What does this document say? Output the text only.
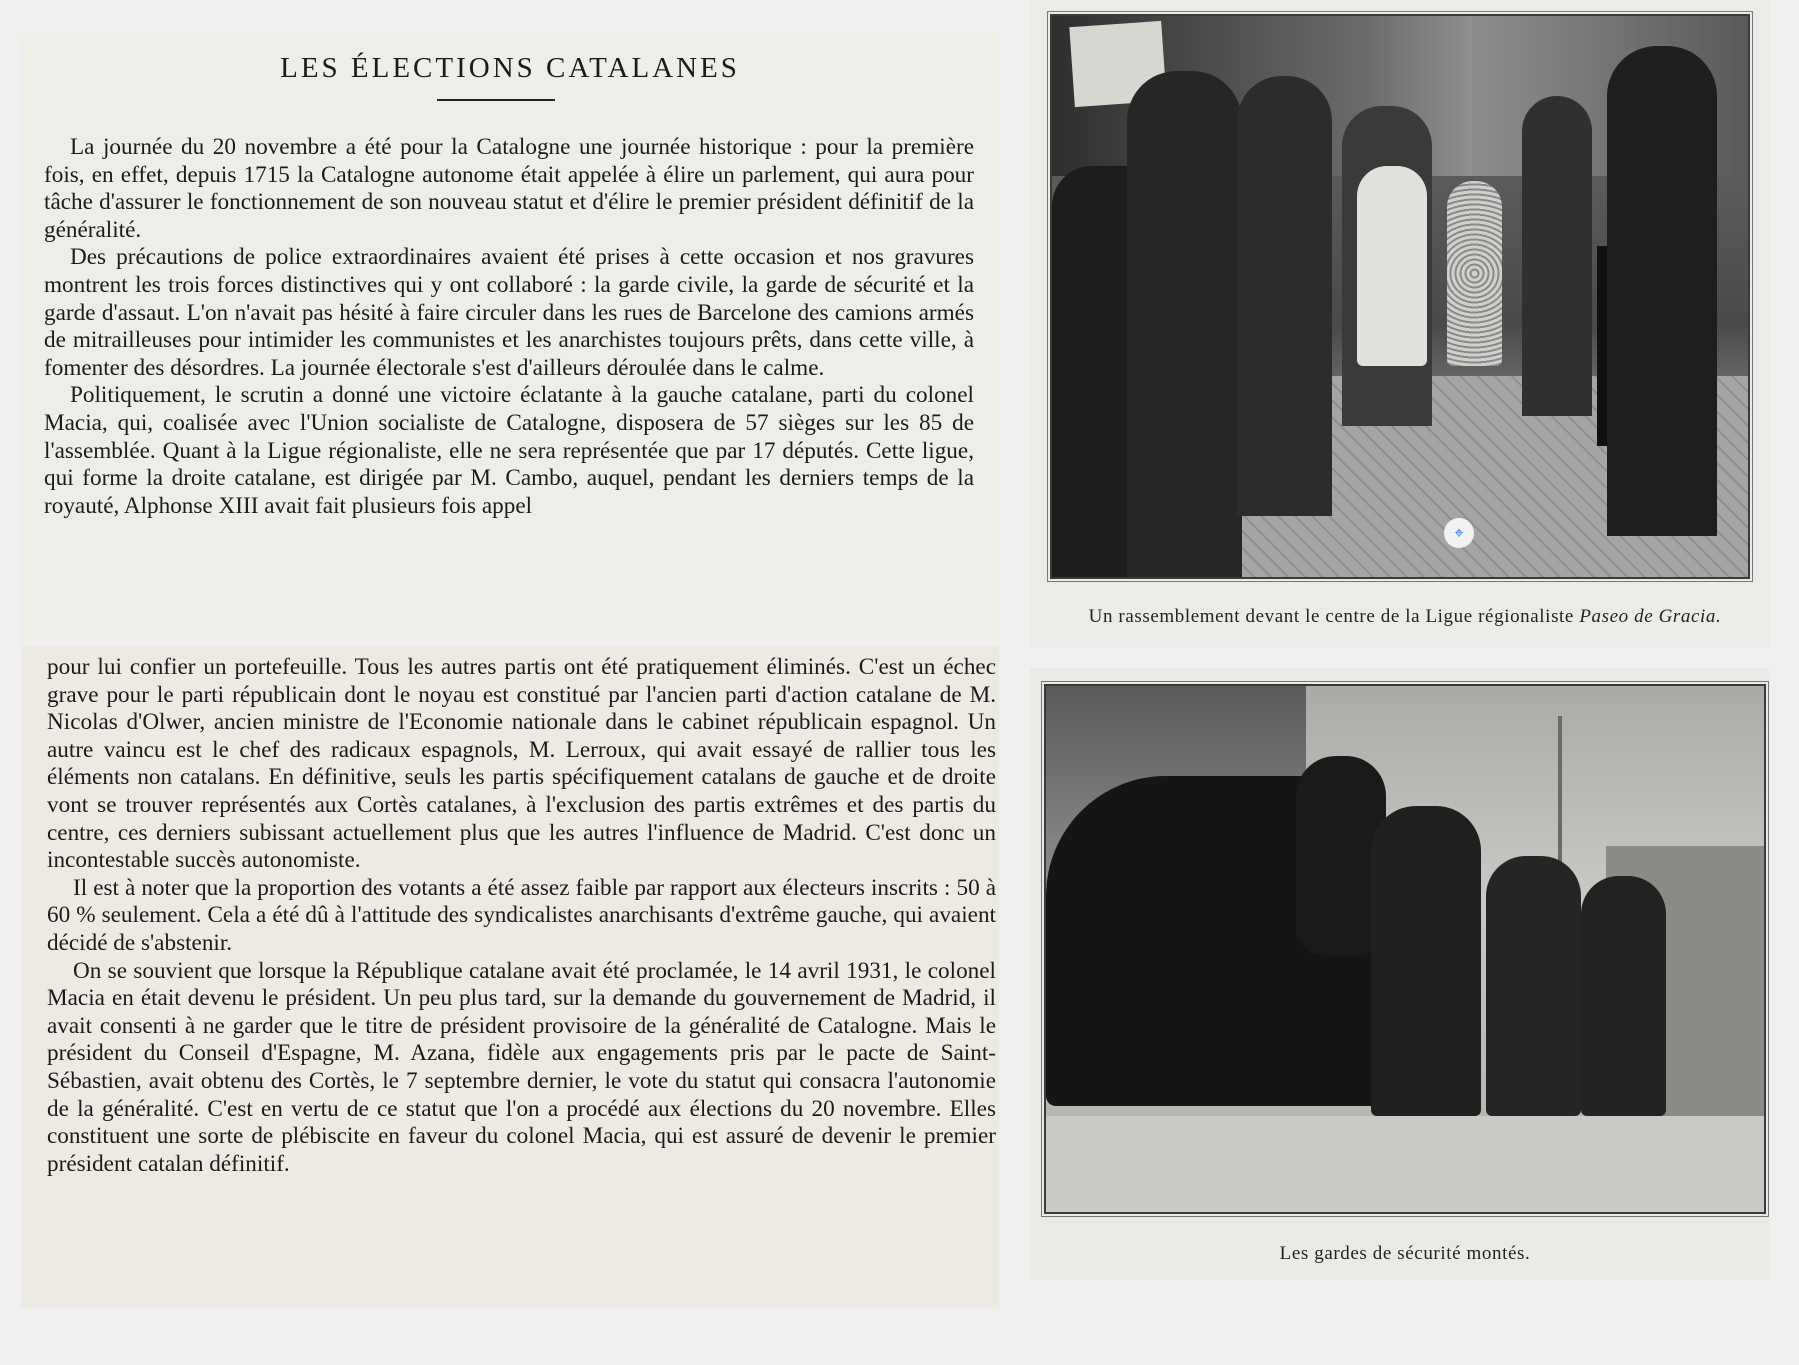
LES ÉLECTIONS CATALANES

La journée du 20 novembre a été pour la Catalogne une journée historique : pour la première fois, en effet, depuis 1715 la Catalogne autonome était appelée à élire un parlement, qui aura pour tâche d'assurer le fonctionnement de son nouveau statut et d'élire le premier président définitif de la généralité.

Des précautions de police extraordinaires avaient été prises à cette occasion et nos gravures montrent les trois forces distinctives qui y ont collaboré : la garde civile, la garde de sécurité et la garde d'assaut. L'on n'avait pas hésité à faire circuler dans les rues de Barcelone des camions armés de mitrailleuses pour intimider les communistes et les anarchistes toujours prêts, dans cette ville, à fomenter des désordres. La journée électorale s'est d'ailleurs déroulée dans le calme.

Politiquement, le scrutin a donné une victoire éclatante à la gauche catalane, parti du colonel Macia, qui, coalisée avec l'Union socialiste de Catalogne, disposera de 57 sièges sur les 85 de l'assemblée. Quant à la Ligue régionaliste, elle ne sera représentée que par 17 députés. Cette ligue, qui forme la droite catalane, est dirigée par M. Cambo, auquel, pendant les derniers temps de la royauté, Alphonse XIII avait fait plusieurs fois appel

pour lui confier un portefeuille. Tous les autres partis ont été pratiquement éliminés. C'est un échec grave pour le parti républicain dont le noyau est constitué par l'ancien parti d'action catalane de M. Nicolas d'Olwer, ancien ministre de l'Economie nationale dans le cabinet républicain espagnol. Un autre vaincu est le chef des radicaux espagnols, M. Lerroux, qui avait essayé de rallier tous les éléments non catalans. En définitive, seuls les partis spécifiquement catalans de gauche et de droite vont se trouver représentés aux Cortès catalanes, à l'exclusion des partis extrêmes et des partis du centre, ces derniers subissant actuellement plus que les autres l'influence de Madrid. C'est donc un incontestable succès autonomiste.

Il est à noter que la proportion des votants a été assez faible par rapport aux électeurs inscrits : 50 à 60 % seulement. Cela a été dû à l'attitude des syndicalistes anarchisants d'extrême gauche, qui avaient décidé de s'abstenir.

On se souvient que lorsque la République catalane avait été proclamée, le 14 avril 1931, le colonel Macia en était devenu le président. Un peu plus tard, sur la demande du gouvernement de Madrid, il avait consenti à ne garder que le titre de président provisoire de la généralité de Catalogne. Mais le président du Conseil d'Espagne, M. Azana, fidèle aux engagements pris par le pacte de Saint-Sébastien, avait obtenu des Cortès, le 7 septembre dernier, le vote du statut qui consacra l'autonomie de la généralité. C'est en vertu de ce statut que l'on a procédé aux élections du 20 novembre. Elles constituent une sorte de plébiscite en faveur du colonel Macia, qui est assuré de devenir le premier président catalan définitif.

⌖
Un rassemblement devant le centre de la Ligue régionaliste Paseo de Gracia.
Les gardes de sécurité montés.
